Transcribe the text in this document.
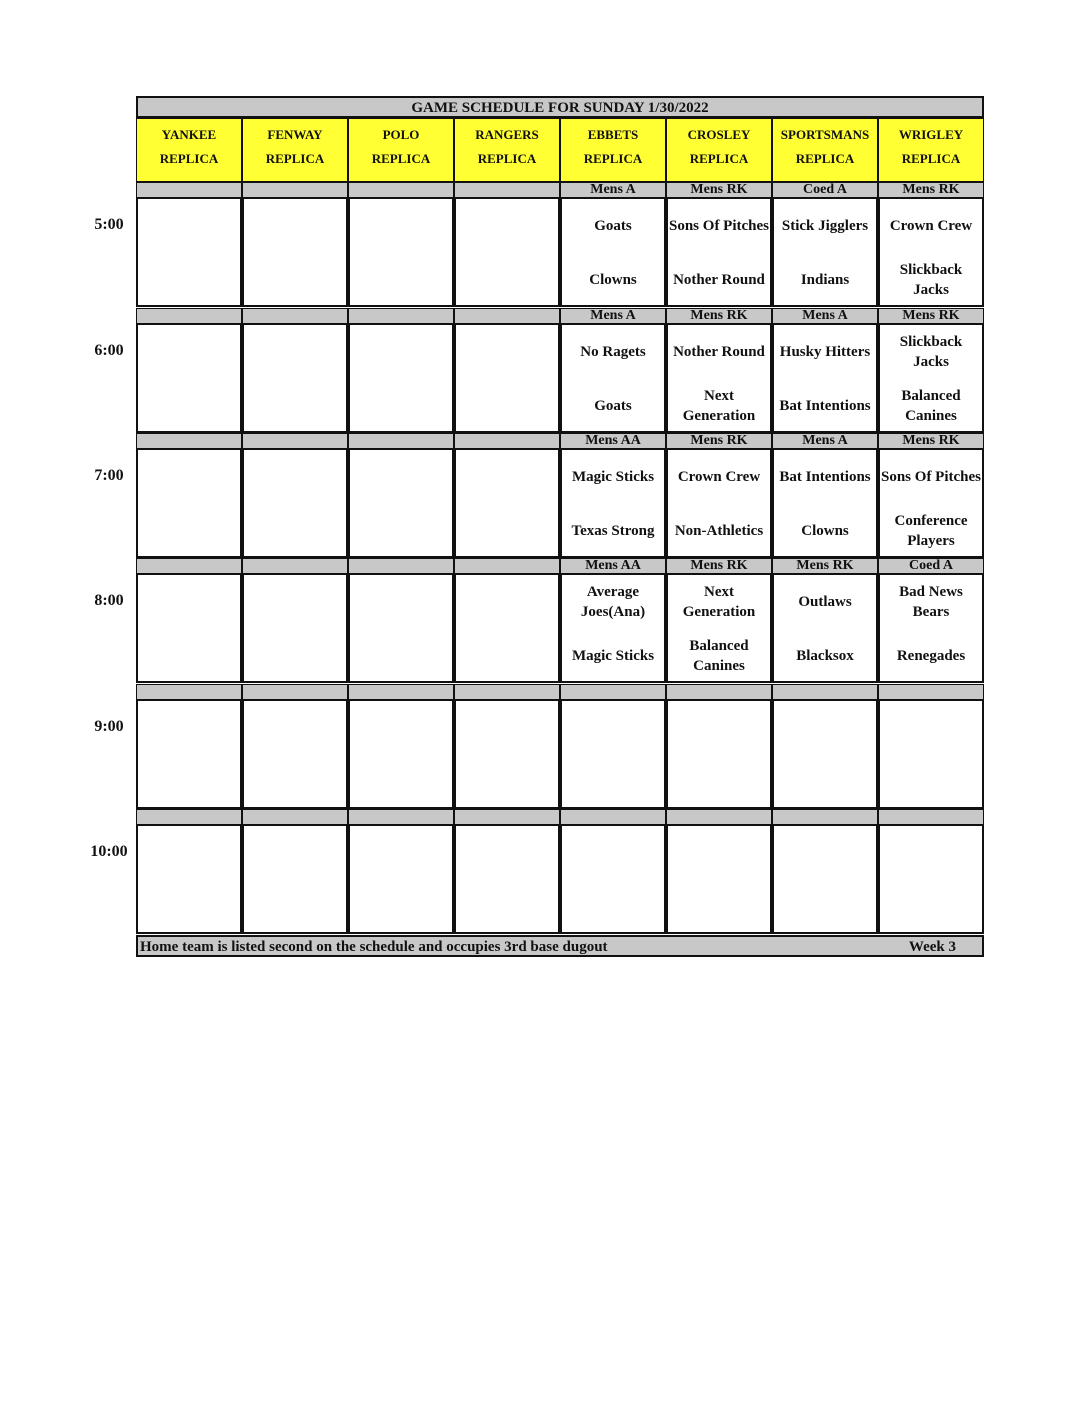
GAME SCHEDULE FOR SUNDAY 1/30/2022
YANKEE
REPLICA
FENWAY
REPLICA
POLO
REPLICA
RANGERS
REPLICA
EBBETS
REPLICA
CROSLEY
REPLICA
SPORTSMANS
REPLICA
WRIGLEY
REPLICA
5:00
Mens A
Goats
Clowns
Mens RK
Sons Of Pitches
Nother Round
Coed A
Stick Jigglers
Indians
Mens RK
Crown Crew
Slickback Jacks
6:00
Mens A
No Ragets
Goats
Mens RK
Nother Round
Next Generation
Mens A
Husky Hitters
Bat Intentions
Mens RK
Slickback Jacks
Balanced Canines
7:00
Mens AA
Magic Sticks
Texas Strong
Mens RK
Crown Crew
Non-Athletics
Mens A
Bat Intentions
Clowns
Mens RK
Sons Of Pitches
Conference Players
8:00
Mens AA
Average Joes(Ana)
Magic Sticks
Mens RK
Next Generation
Balanced Canines
Mens RK
Outlaws
Blacksox
Coed A
Bad News Bears
Renegades
9:00
10:00
Home team is listed second on the schedule and occupies 3rd base dugout	Week 3
